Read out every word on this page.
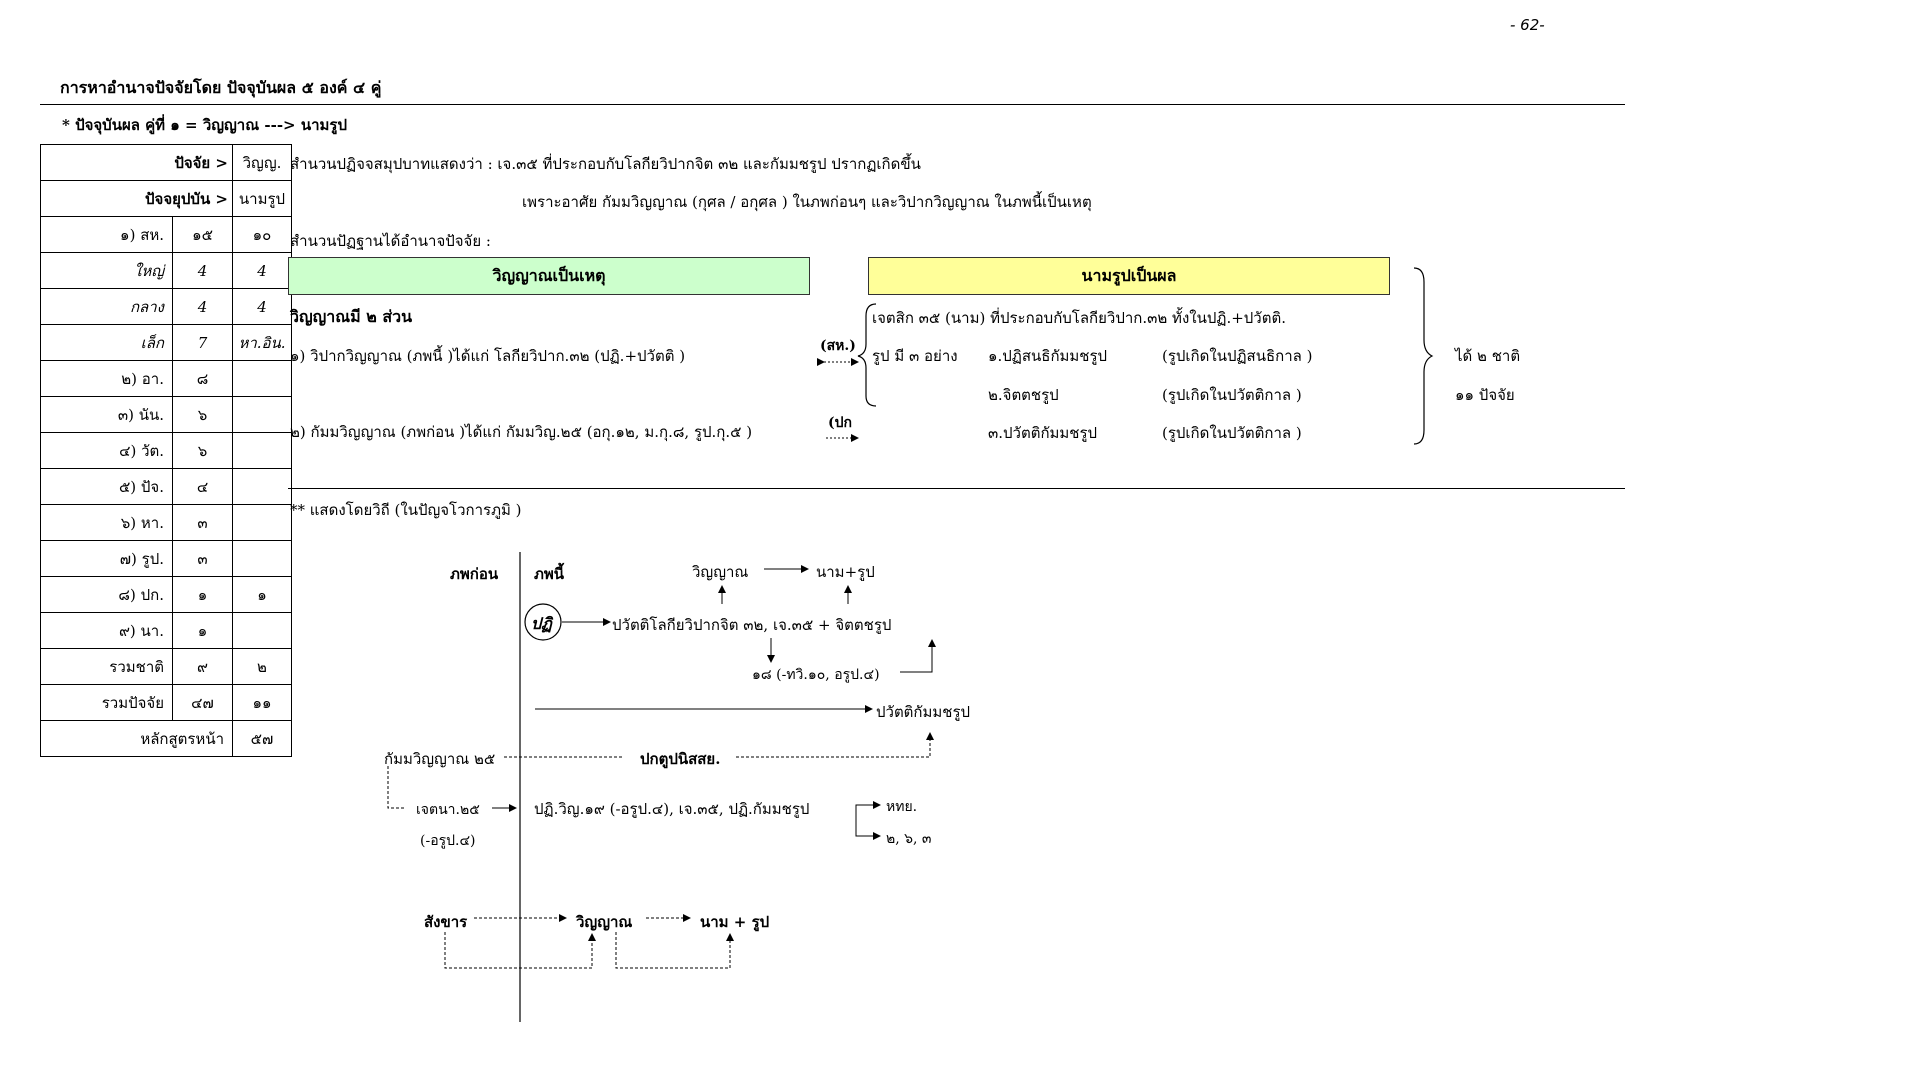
- 62-
การหาอำนาจปัจจัยโดย ปัจจุบันผล ๕ องค์ ๔ คู่
* ปัจจุบันผล คู่ที่ ๑ = วิญญาณ ---> นามรูป
ปัจจัย >		วิญญ.
ปัจจยุปบัน >		นามรูป
๑) สห.	๑๕	๑๐
ใหญ่	4	4
กลาง	4	4
เล็ก	7	หา.อิน.
๒) อา.	๘	
๓) นัน.	๖	
๔) วัต.	๖	
๕) ปัจ.	๔	
๖) หา.	๓	
๗) รูป.	๓	
๘) ปก.	๑	๑
๙) นา.	๑	
รวมชาติ	๙	๒
รวมปัจจัย	๔๗	๑๑
หลักสูตรหน้า		๕๗
สำนวนปฏิจจสมุปบาทแสดงว่า : เจ.๓๕ ที่ประกอบกับโลกียวิปากจิต ๓๒ และกัมมชรูป ปรากฏเกิดขึ้น
เพราะอาศัย กัมมวิญญาณ (กุศล / อกุศล ) ในภพก่อนๆ และวิปากวิญญาณ ในภพนี้เป็นเหตุ
สำนวนปัฏฐานได้อำนาจปัจจัย :
วิญญาณเป็นเหตุ	นามรูปเป็นผล
วิญญาณมี ๒ ส่วน
๑) วิปากวิญญาณ (ภพนี้ )ได้แก่ โลกียวิปาก.๓๒ (ปฏิ.+ปวัตติ )
๒) กัมมวิญญาณ (ภพก่อน )ได้แก่ กัมมวิญ.๒๕ (อกุ.๑๒, ม.กุ.๘, รูป.กุ.๕ )
(สห.)
(ปก
เจตสิก ๓๕ (นาม) ที่ประกอบกับโลกียวิปาก.๓๒ ทั้งในปฏิ.+ปวัตติ.
รูป มี ๓ อย่าง ๑.ปฏิสนธิกัมมชรูป	(รูปเกิดในปฏิสนธิกาล )
๒.จิตตชรูป	(รูปเกิดในปวัตติกาล )
๓.ปวัตติกัมมชรูป	(รูปเกิดในปวัตติกาล )
ได้ ๒ ชาติ
๑๑ ปัจจัย
** แสดงโดยวิถี (ในปัญจโวการภูมิ )
ภพก่อน ภพนี้	วิญญาณ	นาม+รูป
ปฏิ	ปวัตติโลกียวิปากจิต ๓๒, เจ.๓๕ + จิตตชรูป
๑๘ (-ทวิ.๑๐, อรูป.๔)
ปวัตติกัมมชรูป
กัมมวิญญาณ ๒๕	ปกตูปนิสสย.
เจตนา.๒๕
(-อรูป.๔)
ปฏิ.วิญ.๑๙ (-อรูป.๔), เจ.๓๕, ปฏิ.กัมมชรูป	หทย.
๒, ๖, ๓
สังขาร	วิญญาณ	นาม + รูป
